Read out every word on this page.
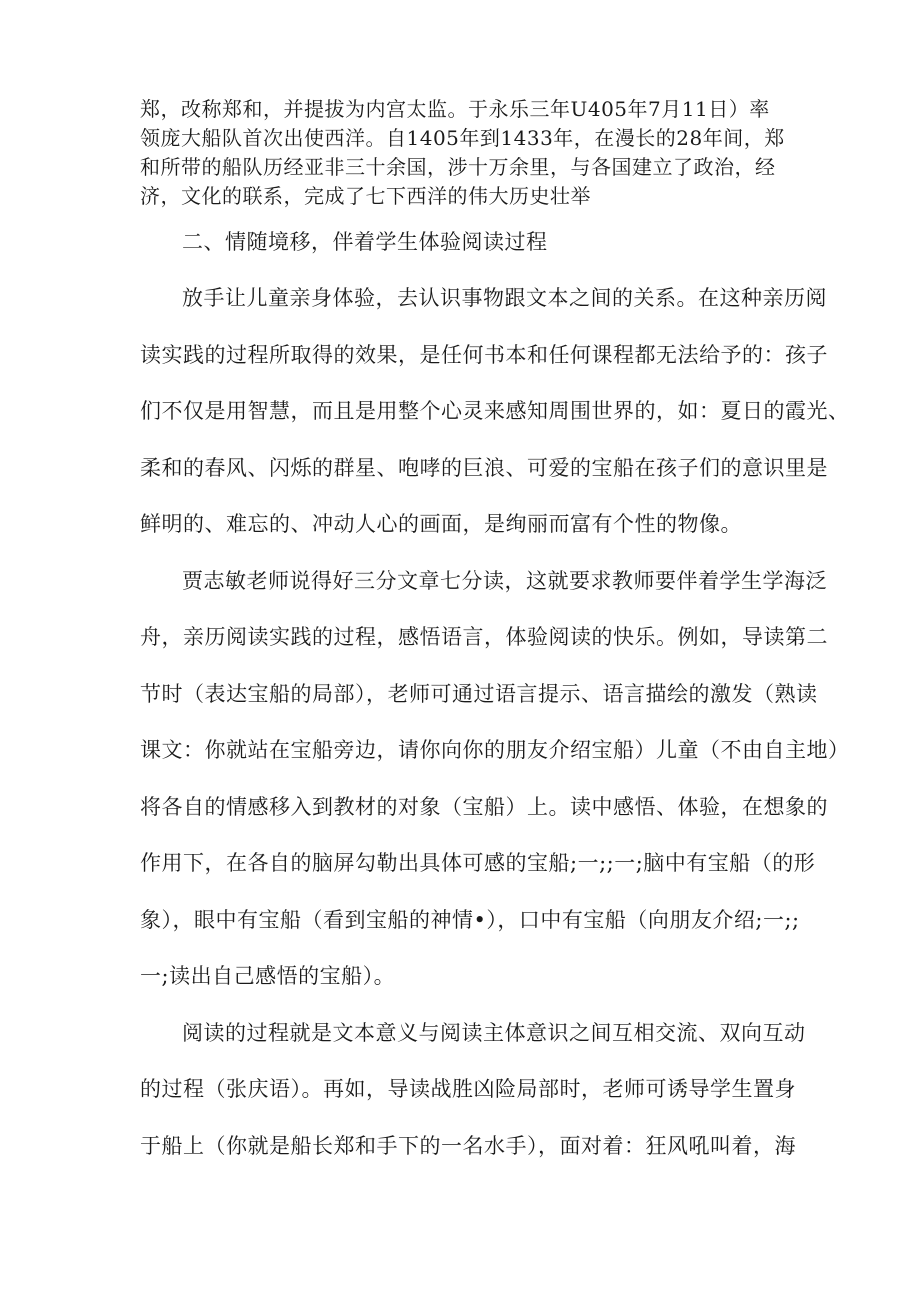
郑，改称郑和，并提拔为内宫太监。于永乐三年U405年7月11日）率
领庞大船队首次出使西洋。自1405年到1433年，在漫长的28年间，郑
和所带的船队历经亚非三十余国，涉十万余里，与各国建立了政治，经
济，文化的联系，完成了七下西洋的伟大历史壮举
二、情随境移，伴着学生体验阅读过程
放手让儿童亲身体验，去认识事物跟文本之间的关系。在这种亲历阅
读实践的过程所取得的效果，是任何书本和任何课程都无法给予的：孩子
们不仅是用智慧，而且是用整个心灵来感知周围世界的，如：夏日的霞光、
柔和的春风、闪烁的群星、咆哮的巨浪、可爱的宝船在孩子们的意识里是
鲜明的、难忘的、冲动人心的画面，是绚丽而富有个性的物像。
贾志敏老师说得好三分文章七分读，这就要求教师要伴着学生学海泛
舟，亲历阅读实践的过程，感悟语言，体验阅读的快乐。例如，导读第二
节时（表达宝船的局部），老师可通过语言提示、语言描绘的激发（熟读
课文：你就站在宝船旁边，请你向你的朋友介绍宝船）儿童（不由自主地）
将各自的情感移入到教材的对象（宝船）上。读中感悟、体验，在想象的
作用下，在各自的脑屏勾勒出具体可感的宝船;一;;一;脑中有宝船（的形
象），眼中有宝船（看到宝船的神情•），口中有宝船（向朋友介绍;一;;
一;读出自己感悟的宝船）。
阅读的过程就是文本意义与阅读主体意识之间互相交流、双向互动
的过程（张庆语）。再如，导读战胜凶险局部时，老师可诱导学生置身
于船上（你就是船长郑和手下的一名水手），面对着：狂风吼叫着，海
